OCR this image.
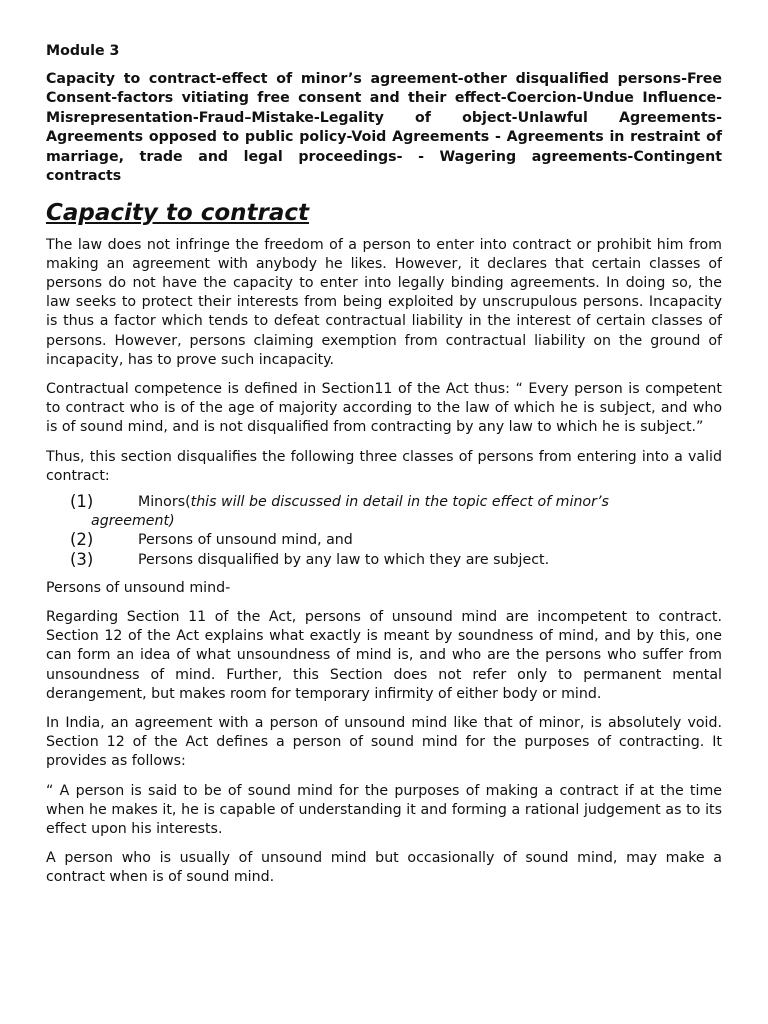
Module 3
Capacity to contract-effect of minor’s agreement-other disqualified persons-Free Consent-factors vitiating free consent and their effect-Coercion-Undue Influence-Misrepresentation-Fraud–Mistake-Legality of object-Unlawful Agreements-Agreements opposed to public policy-Void Agreements - Agreements in restraint of marriage, trade and legal proceedings- - Wagering agreements-Contingent contracts
Capacity to contract

The law does not infringe the freedom of a person to enter into contract or prohibit him from making an agreement with anybody he likes. However, it declares that certain classes of persons do not have the capacity to enter into legally binding agreements. In doing so, the law seeks to protect their interests from being exploited by unscrupulous persons. Incapacity is thus a factor which tends to defeat contractual liability in the interest of certain classes of persons. However, persons claiming exemption from contractual liability on the ground of incapacity, has to prove such incapacity.

Contractual competence is defined in Section11 of the Act thus: “ Every person is competent to contract who is of the age of majority according to the law of which he is subject, and who is of sound mind, and is not disqualified from contracting by any law to which he is subject.”

Thus, this section disqualifies the following three classes of persons from entering into a valid contract:

(1)	Minors(this will be discussed in detail in the topic effect of minor’s
agreement)
(2)	Persons of unsound mind, and
(3)	Persons disqualified by any law to which they are subject.

Persons of unsound mind-

Regarding Section 11 of the Act, persons of unsound mind are incompetent to contract. Section 12 of the Act explains what exactly is meant by soundness of mind, and by this, one can form an idea of what unsoundness of mind is, and who are the persons who suffer from unsoundness of mind. Further, this Section does not refer only to permanent mental derangement, but makes room for temporary infirmity of either body or mind.

In India, an agreement with a person of unsound mind like that of minor, is absolutely void. Section 12 of the Act defines a person of sound mind for the purposes of contracting. It provides as follows:

“ A person is said to be of sound mind for the purposes of making a contract if at the time when he makes it, he is capable of understanding it and forming a rational judgement as to its effect upon his interests.

A person who is usually of unsound mind but occasionally of sound mind, may make a contract when is of sound mind.
